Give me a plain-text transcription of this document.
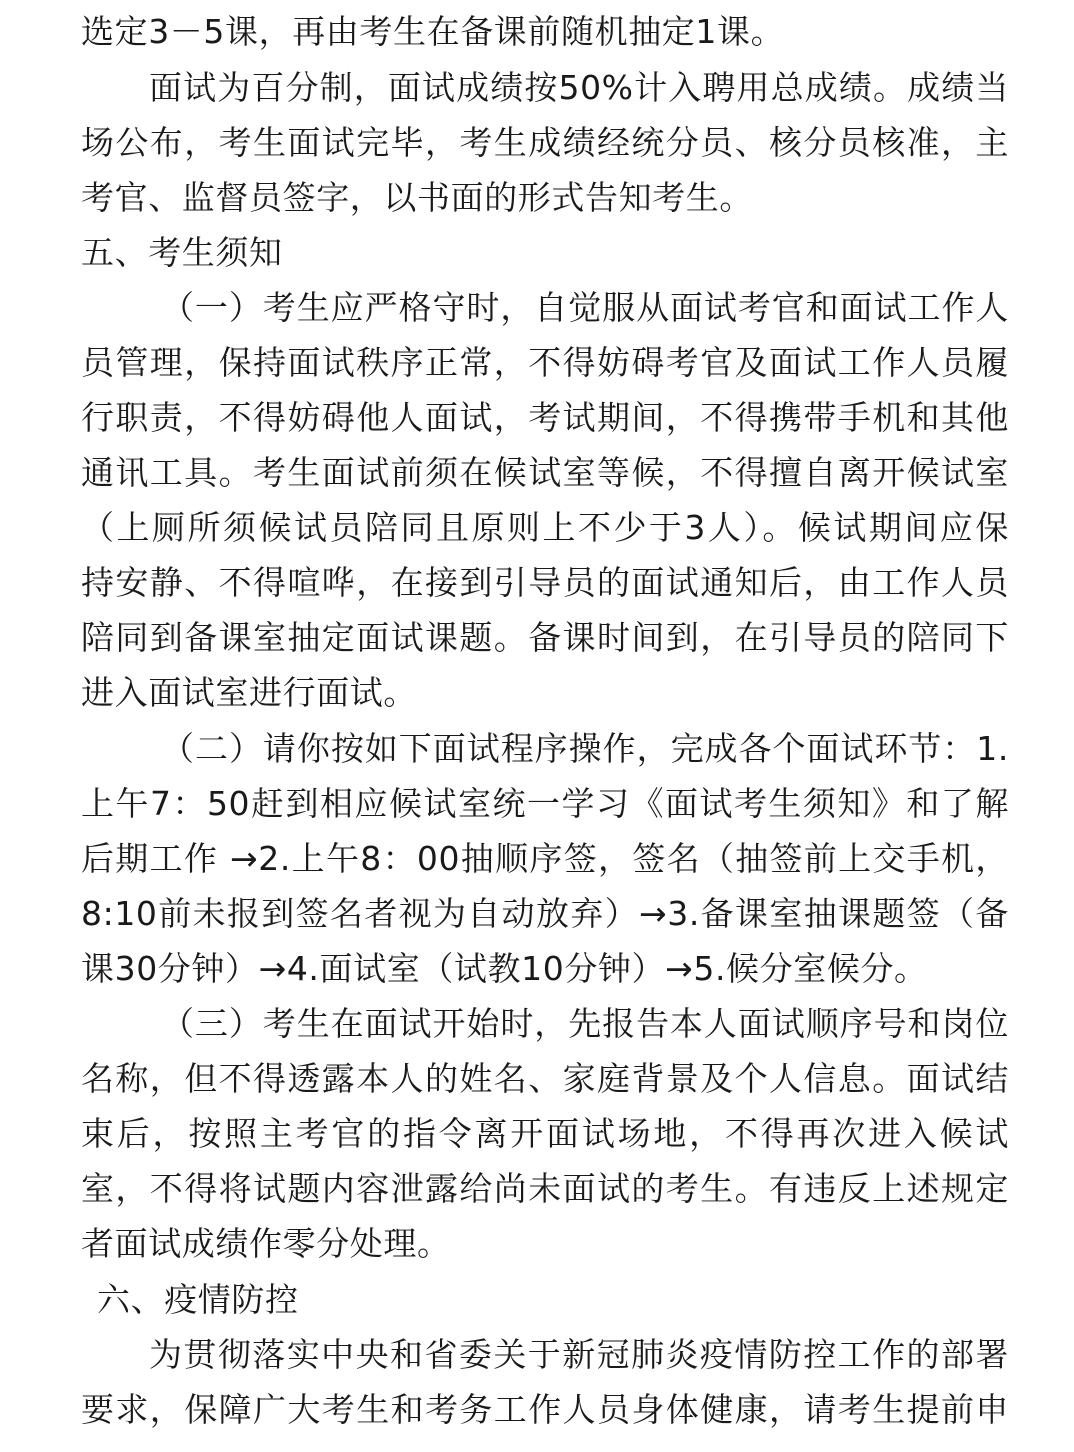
选定3－5课，再由考生在备课前随机抽定1课。
面试为百分制，面试成绩按50%计入聘用总成绩。成绩当
场公布，考生面试完毕，考生成绩经统分员、核分员核准，主
考官、监督员签字，以书面的形式告知考生。
五、考生须知
（一）考生应严格守时，自觉服从面试考官和面试工作人
员管理，保持面试秩序正常，不得妨碍考官及面试工作人员履
行职责，不得妨碍他人面试，考试期间，不得携带手机和其他
通讯工具。考生面试前须在候试室等候，不得擅自离开候试室
（上厕所须候试员陪同且原则上不少于3人）。候试期间应保
持安静、不得喧哗，在接到引导员的面试通知后，由工作人员
陪同到备课室抽定面试课题。备课时间到，在引导员的陪同下
进入面试室进行面试。
（二）请你按如下面试程序操作，完成各个面试环节：1.
上午7：50赶到相应候试室统一学习《面试考生须知》和了解
后期工作 →2.上午8：00抽顺序签，签名（抽签前上交手机，
8:10前未报到签名者视为自动放弃）→3.备课室抽课题签（备
课30分钟）→4.面试室（试教10分钟）→5.候分室候分。
（三）考生在面试开始时，先报告本人面试顺序号和岗位
名称，但不得透露本人的姓名、家庭背景及个人信息。面试结
束后，按照主考官的指令离开面试场地，不得再次进入候试
室，不得将试题内容泄露给尚未面试的考生。有违反上述规定
者面试成绩作零分处理。
六、疫情防控
为贯彻落实中央和省委关于新冠肺炎疫情防控工作的部署
要求，保障广大考生和考务工作人员身体健康，请考生提前申
